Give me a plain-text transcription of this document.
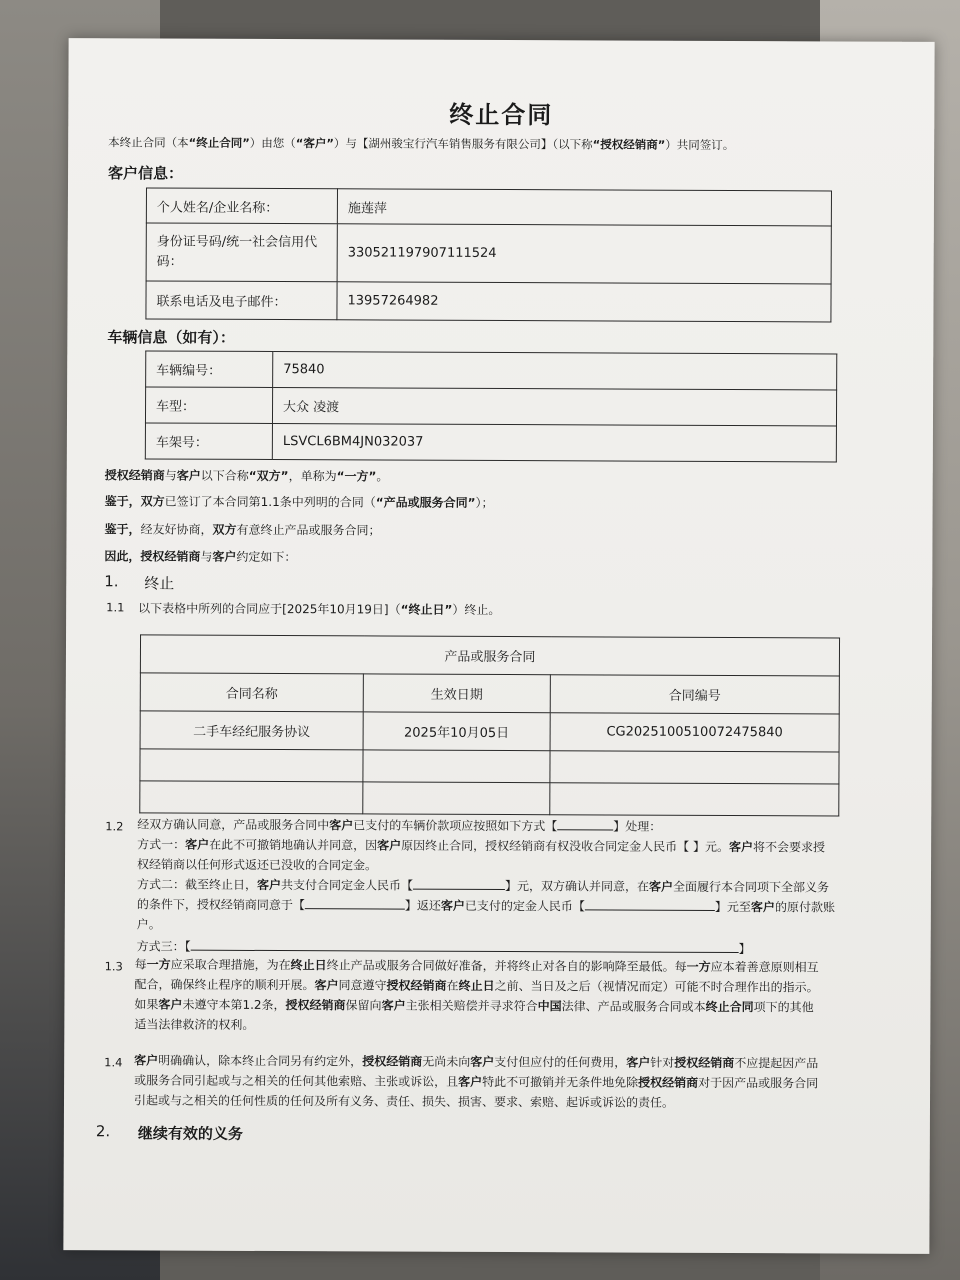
终止合同
本终止合同（本“终止合同”）由您（“客户”）与【湖州骏宝行汽车销售服务有限公司】（以下称“授权经销商”）共同签订。
客户信息：
个人姓名/企业名称：	施莲萍
身份证号码/统一社会信用代码：	330521197907111524
联系电话及电子邮件：	13957264982
车辆信息（如有）：
车辆编号：	75840
车型：	大众 凌渡
车架号：	LSVCL6BM4JN032037
授权经销商与客户以下合称“双方”，单称为“一方”。
鉴于，双方已签订了本合同第1.1条中列明的合同（“产品或服务合同”）；
鉴于，经友好协商，双方有意终止产品或服务合同；
因此，授权经销商与客户约定如下：
1. 终止
1.1 以下表格中所列的合同应于[2025年10月19日]（“终止日”）终止。
产品或服务合同		
合同名称	生效日期	合同编号
二手车经纪服务协议	2025年10月05日	CG2025100510072475840

1.2 经双方确认同意，产品或服务合同中客户已支付的车辆价款项应按照如下方式【	】处理：
方式一：客户在此不可撤销地确认并同意，因客户原因终止合同，授权经销商有权没收合同定金人民币【 】元。客户将不会要求授
权经销商以任何形式返还已没收的合同定金。
方式二：截至终止日，客户共支付合同定金人民币【	】元，双方确认并同意，在客户全面履行本合同项下全部义务
的条件下，授权经销商同意于【	】返还客户已支付的定金人民币【	】元至客户的原付款账
户。
方式三：【	】
1.3 每一方应采取合理措施，为在终止日终止产品或服务合同做好准备，并将终止对各自的影响降至最低。每一方应本着善意原则相互
配合，确保终止程序的顺利开展。客户同意遵守授权经销商在终止日之前、当日及之后（视情况而定）可能不时合理作出的指示。
如果客户未遵守本第1.2条，授权经销商保留向客户主张相关赔偿并寻求符合中国法律、产品或服务合同或本终止合同项下的其他
适当法律救济的权利。
1.4 客户明确确认，除本终止合同另有约定外，授权经销商无尚未向客户支付但应付的任何费用，客户针对授权经销商不应提起因产品
或服务合同引起或与之相关的任何其他索赔、主张或诉讼，且客户特此不可撤销并无条件地免除授权经销商对于因产品或服务合同
引起或与之相关的任何性质的任何及所有义务、责任、损失、损害、要求、索赔、起诉或诉讼的责任。
2. 继续有效的义务
